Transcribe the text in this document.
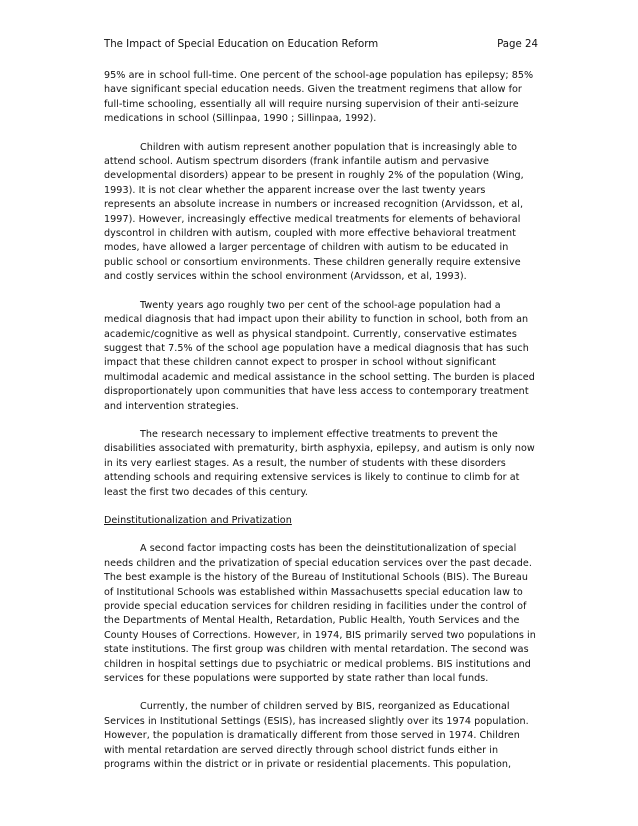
The Impact of Special Education on Education Reform	Page 24

95% are in school full-time. One percent of the school-age population has epilepsy; 85% have significant special education needs. Given the treatment regimens that allow for full-time schooling, essentially all will require nursing supervision of their anti-seizure medications in school (Sillinpaa, 1990 ; Sillinpaa, 1992).

Children with autism represent another population that is increasingly able to attend school. Autism spectrum disorders (frank infantile autism and pervasive developmental disorders) appear to be present in roughly 2% of the population (Wing, 1993). It is not clear whether the apparent increase over the last twenty years represents an absolute increase in numbers or increased recognition (Arvidsson, et al, 1997). However, increasingly effective medical treatments for elements of behavioral dyscontrol in children with autism, coupled with more effective behavioral treatment modes, have allowed a larger percentage of children with autism to be educated in public school or consortium environments. These children generally require extensive and costly services within the school environment (Arvidsson, et al, 1993).

Twenty years ago roughly two per cent of the school-age population had a medical diagnosis that had impact upon their ability to function in school, both from an academic/cognitive as well as physical standpoint. Currently, conservative estimates suggest that 7.5% of the school age population have a medical diagnosis that has such impact that these children cannot expect to prosper in school without significant multimodal academic and medical assistance in the school setting. The burden is placed disproportionately upon communities that have less access to contemporary treatment and intervention strategies.

The research necessary to implement effective treatments to prevent the disabilities associated with prematurity, birth asphyxia, epilepsy, and autism is only now in its very earliest stages. As a result, the number of students with these disorders attending schools and requiring extensive services is likely to continue to climb for at least the first two decades of this century.

Deinstitutionalization and Privatization

A second factor impacting costs has been the deinstitutionalization of special needs children and the privatization of special education services over the past decade. The best example is the history of the Bureau of Institutional Schools (BIS). The Bureau of Institutional Schools was established within Massachusetts special education law to provide special education services for children residing in facilities under the control of the Departments of Mental Health, Retardation, Public Health, Youth Services and the County Houses of Corrections. However, in 1974, BIS primarily served two populations in state institutions. The first group was children with mental retardation. The second was children in hospital settings due to psychiatric or medical problems. BIS institutions and services for these populations were supported by state rather than local funds.

Currently, the number of children served by BIS, reorganized as Educational Services in Institutional Settings (ESIS), has increased slightly over its 1974 population. However, the population is dramatically different from those served in 1974. Children with mental retardation are served directly through school district funds either in programs within the district or in private or residential placements. This population,
